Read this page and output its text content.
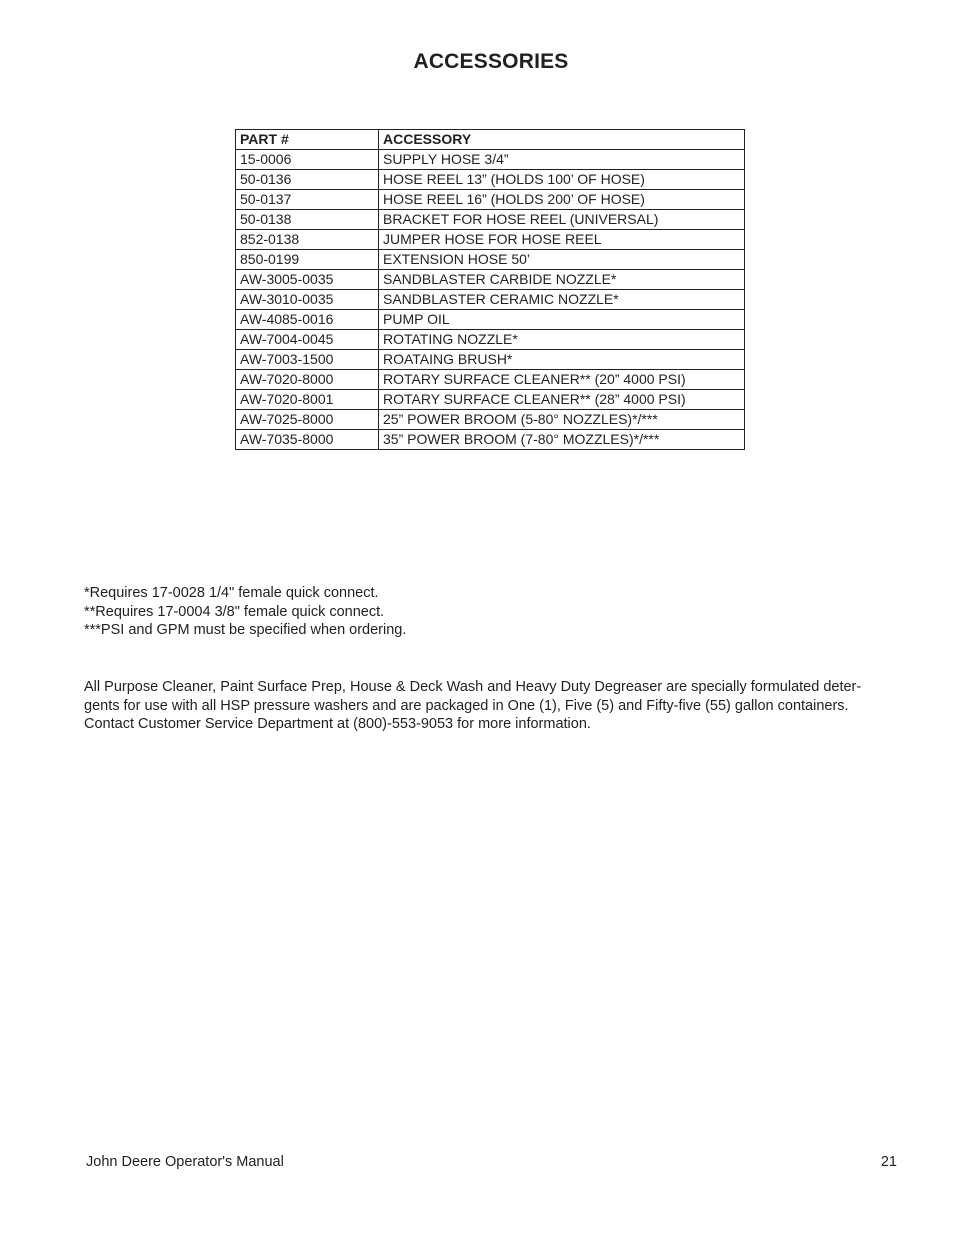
ACCESSORIES
PART #	ACCESSORY
15-0006	SUPPLY HOSE 3/4”
50-0136	HOSE REEL 13” (HOLDS 100’ OF HOSE)
50-0137	HOSE REEL 16” (HOLDS 200’ OF HOSE)
50-0138	BRACKET FOR HOSE REEL (UNIVERSAL)
852-0138	JUMPER HOSE FOR HOSE REEL
850-0199	EXTENSION HOSE 50’
AW-3005-0035	SANDBLASTER CARBIDE NOZZLE*
AW-3010-0035	SANDBLASTER CERAMIC NOZZLE*
AW-4085-0016	PUMP OIL
AW-7004-0045	ROTATING NOZZLE*
AW-7003-1500	ROATAING BRUSH*
AW-7020-8000	ROTARY SURFACE CLEANER** (20” 4000 PSI)
AW-7020-8001	ROTARY SURFACE CLEANER** (28” 4000 PSI)
AW-7025-8000	25” POWER BROOM (5-80° NOZZLES)*/***
AW-7035-8000	35” POWER BROOM (7-80° MOZZLES)*/***
*Requires 17-0028 1/4" female quick connect.
**Requires 17-0004 3/8" female quick connect.
***PSI and GPM must be specified when ordering.
All Purpose Cleaner, Paint Surface Prep, House & Deck Wash and Heavy Duty Degreaser are specially formulated deter-
gents for use with all HSP pressure washers and are packaged in One (1), Five (5) and Fifty-five (55) gallon containers.
Contact Customer Service Department at (800)-553-9053 for more information.
John Deere Operator's Manual	21
